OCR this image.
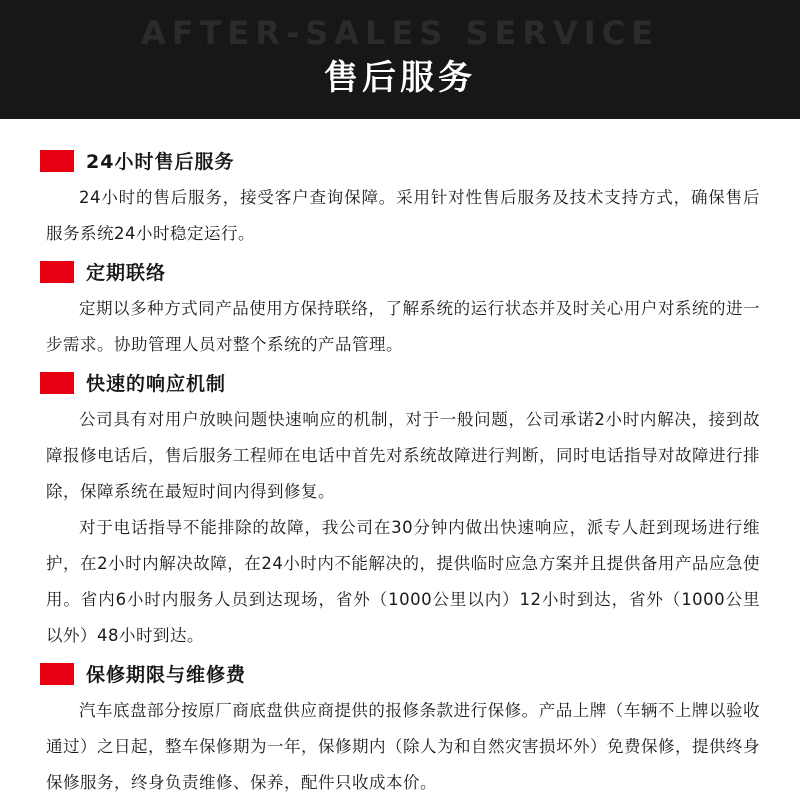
AFTER-SALES SERVICE
售后服务
24小时售后服务

24小时的售后服务，接受客户查询保障。采用针对性售后服务及技术支持方式，确保售后服务系统24小时稳定运行。

定期联络

定期以多种方式同产品使用方保持联络，了解系统的运行状态并及时关心用户对系统的进一步需求。协助管理人员对整个系统的产品管理。

快速的响应机制

公司具有对用户放映问题快速响应的机制，对于一般问题，公司承诺2小时内解决，接到故障报修电话后，售后服务工程师在电话中首先对系统故障进行判断，同时电话指导对故障进行排除，保障系统在最短时间内得到修复。

对于电话指导不能排除的故障，我公司在30分钟内做出快速响应，派专人赶到现场进行维护，在2小时内解决故障，在24小时内不能解决的，提供临时应急方案并且提供备用产品应急使用。省内6小时内服务人员到达现场，省外（1000公里以内）12小时到达，省外（1000公里以外）48小时到达。

保修期限与维修费

汽车底盘部分按原厂商底盘供应商提供的报修条款进行保修。产品上牌（车辆不上牌以验收通过）之日起，整车保修期为一年，保修期内（除人为和自然灾害损坏外）免费保修，提供终身保修服务，终身负责维修、保养，配件只收成本价。
